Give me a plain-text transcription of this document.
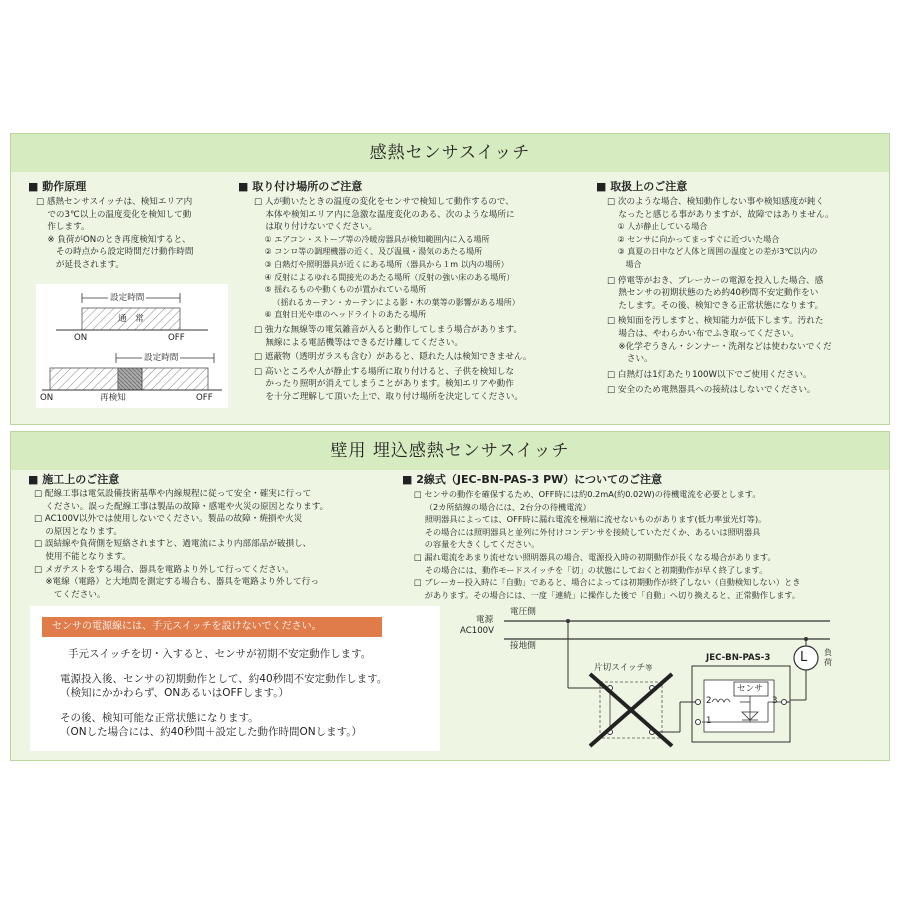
感熱センサスイッチ
■ 動作原理

□ 感熱センサスイッチは、検知エリア内

　 での3℃以上の温度変化を検知して動

　 作します。

　 ※ 負荷がONのとき再度検知すると、

　　 その時点から設定時間だけ動作時間

　　 が延長されます。

設定時間
通　常
ON	OFF
設定時間
ON	再検知	OFF
■ 取り付け場所のご注意

□ 人が動いたときの温度の変化をセンサで検知して動作するので、

　 本体や検知エリア内に急激な温度変化のある、次のような場所に

　 は取り付けないでください。

　 ① エアコン・ストーブ等の冷暖房器具が検知範囲内に入る場所

　 ② コンロ等の調理機器の近く、及び温風・湯気のあたる場所

　 ③ 白熱灯や照明器具が近くにある場所（器具から１m 以内の場所）

　 ④ 反射によるゆれる間接光のあたる場所（反射の強い床のある場所）

　 ⑤ 揺れるものや動くものが置かれている場所

　　 （揺れるカーテン・カーテンによる影・木の葉等の影響がある場所）

　 ⑥ 直射日光や車のヘッドライトのあたる場所

□ 強力な無線等の電気雑音が入ると動作してしまう場合があります。

　 無線による電話機等はできるだけ離してください。

□ 遮蔽物（透明ガラスも含む）があると、隠れた人は検知できません。

□ 高いところや人が静止する場所に取り付けると、子供を検知しな

　 かったり照明が消えてしまうことがあります。検知エリアや動作

　 を十分ご理解して頂いた上で、取り付け場所を決定してください。

■ 取扱上のご注意

□ 次のような場合、検知動作しない事や検知感度が鈍く

　 なったと感じる事がありますが、故障ではありません。

　 ① 人が静止している場合

　 ② センサに向かってまっすぐに近づいた場合

　 ③ 真夏の日中など人体と周囲の温度との差が3℃以内の

　　 場合

□ 停電等がおき、ブレーカーの電源を投入した場合、感

　 熱センサの初期状態のため約40秒間不安定動作をい

　 たします。その後、検知できる正常状態になります。

□ 検知面を汚しますと、検知能力が低下します。汚れた

　 場合は、やわらかい布でふき取ってください。

　 ※化学ぞうきん・シンナー・洗剤などは使わないでくだ

　　 さい。

□ 白熱灯は1灯あたり100W以下でご使用ください。

□ 安全のため電熱器具への接続はしないでください。

壁用 埋込感熱センサスイッチ
■ 施工上のご注意

□ 配線工事は電気設備技術基準や内線規程に従って安全・確実に行って

　 ください。誤った配線工事は製品の故障・感電や火災の原因となります。

□ AC100V以外では使用しないでください。製品の故障・焼損や火災

　 の原因となります。

□ 誤結線や負荷側を短絡されますと、過電流により内部部品が破損し、

　 使用不能となります。

□ メガテストをする場合、器具を電路より外して行ってください。

　 ※電線（電路）と大地間を測定する場合も、器具を電路より外して行っ

　　 てください。

■ 2線式（JEC-BN-PAS-3 PW）についてのご注意

□ センサの動作を確保するため、OFF時には約0.2mA(約0.02W)の待機電流を必要とします。

　 （2カ所結線の場合には、2台分の待機電流）

　 照明器具によっては、OFF時に漏れ電流を極端に流せないものがあります(低力率蛍光灯等)。

　 その場合には照明器具と並列に外付けコンデンサを接続していただくか、あるいは照明器具

　 の容量を大きくしてください。

□ 漏れ電流をあまり流せない照明器具の場合、電源投入時の初期動作が長くなる場合があります。

　 その場合には、動作モードスイッチを「切」の状態にしておくと初期動作が早く終了します。

□ ブレーカー投入時に「自動」であると、場合によっては初期動作が終了しない（自動検知しない）とき

　 があります。その場合には、一度「連続」に操作した後で「自動」へ切り換えると、正常動作します。

センサの電源線には、手元スイッチを設けないでください。

手元スイッチを切・入すると、センサが初期不安定動作します。

電源投入後、センサの初期動作として、約40秒間不安定動作します。

（検知にかかわらず、ONあるいはOFFします。）

その後、検知可能な正常状態になります。

（ONした場合には、約40秒間＋設定した動作時間ONします。）

電圧側
電源
AC100V
接地側
片切スイッチ等
JEC-BN-PAS-3
センサ
L 負荷
2
1
3
